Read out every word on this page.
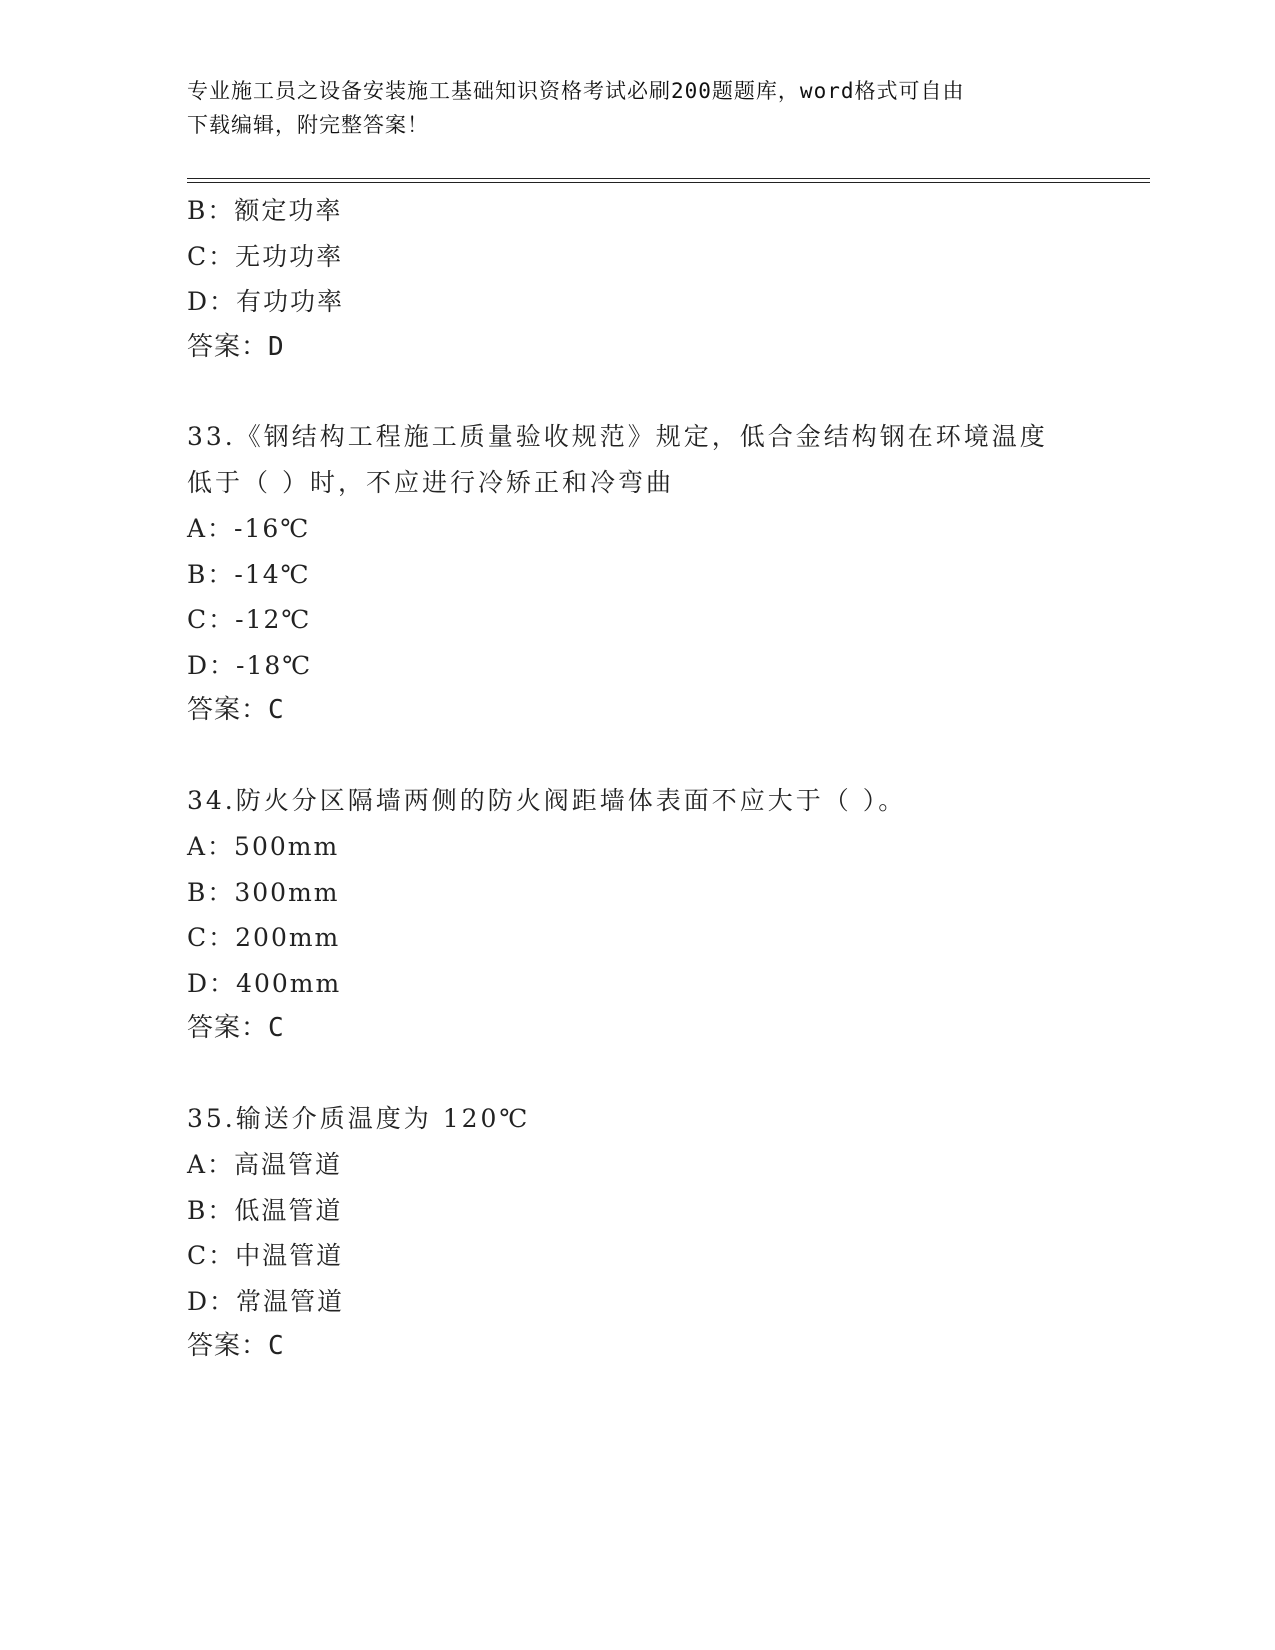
专业施工员之设备安装施工基础知识资格考试必刷200题题库，word格式可自由
下载编辑，附完整答案！
B：额定功率
C：无功功率
D：有功功率
答案：D
33.《钢结构工程施工质量验收规范》规定，低合金结构钢在环境温度
低于（ ）时，不应进行冷矫正和冷弯曲
A：-16℃
B：-14℃
C：-12℃
D：-18℃
答案：C
34.防火分区隔墙两侧的防火阀距墙体表面不应大于（ ）。
A：500mm
B：300mm
C：200mm
D：400mm
答案：C
35.输送介质温度为 120℃
A：高温管道
B：低温管道
C：中温管道
D：常温管道
答案：C
